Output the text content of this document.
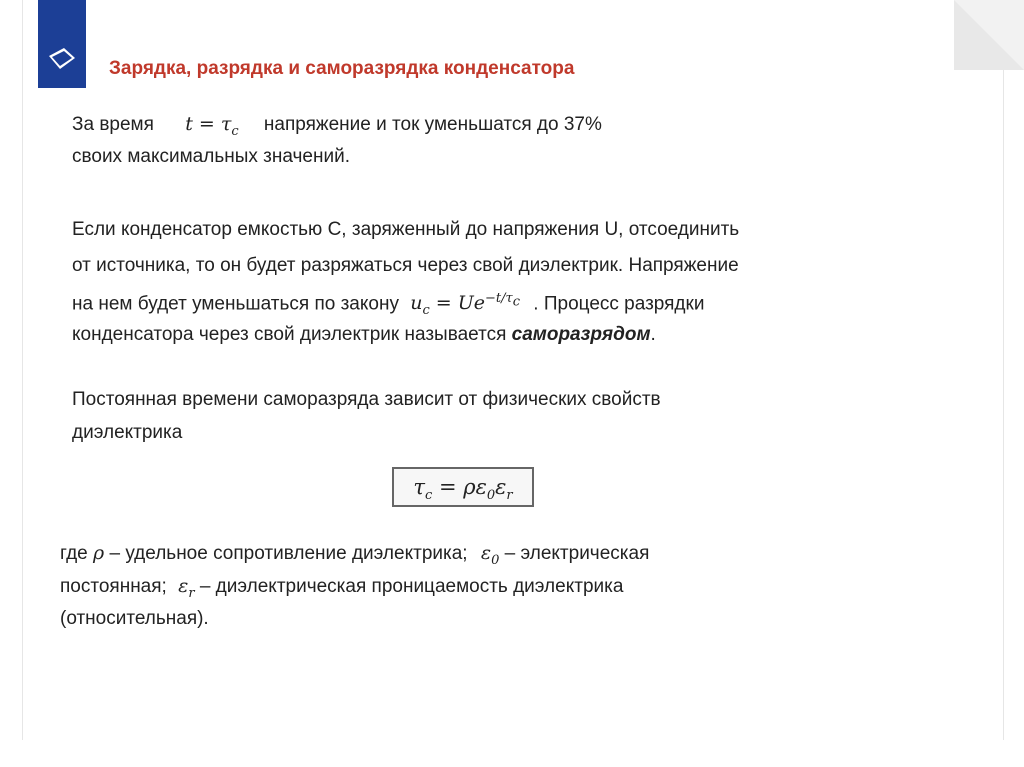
Зарядка, разрядка и саморазрядка конденсатора
За время $t = \tau_c$ напряжение и ток уменьшатся до 37%
своих максимальных значений.
Если конденсатор емкостью С, заряженный до напряжения U, отсоединить
от источника, то он будет разряжаться через свой диэлектрик. Напряжение
на нем будет уменьшаться по закону $u_c = Ue^{-t/\tau_c}$ . Процесс разрядки
конденсатора через свой диэлектрик называется саморазрядом.
Постоянная времени саморазряда зависит от физических свойств
диэлектрика
$\tau_c = \rho\varepsilon_0\varepsilon_r$
где ρ – удельное сопротивление диэлектрика; $\varepsilon_0$ – электрическая
постоянная; $\varepsilon_r$ – диэлектрическая проницаемость диэлектрика
(относительная).
